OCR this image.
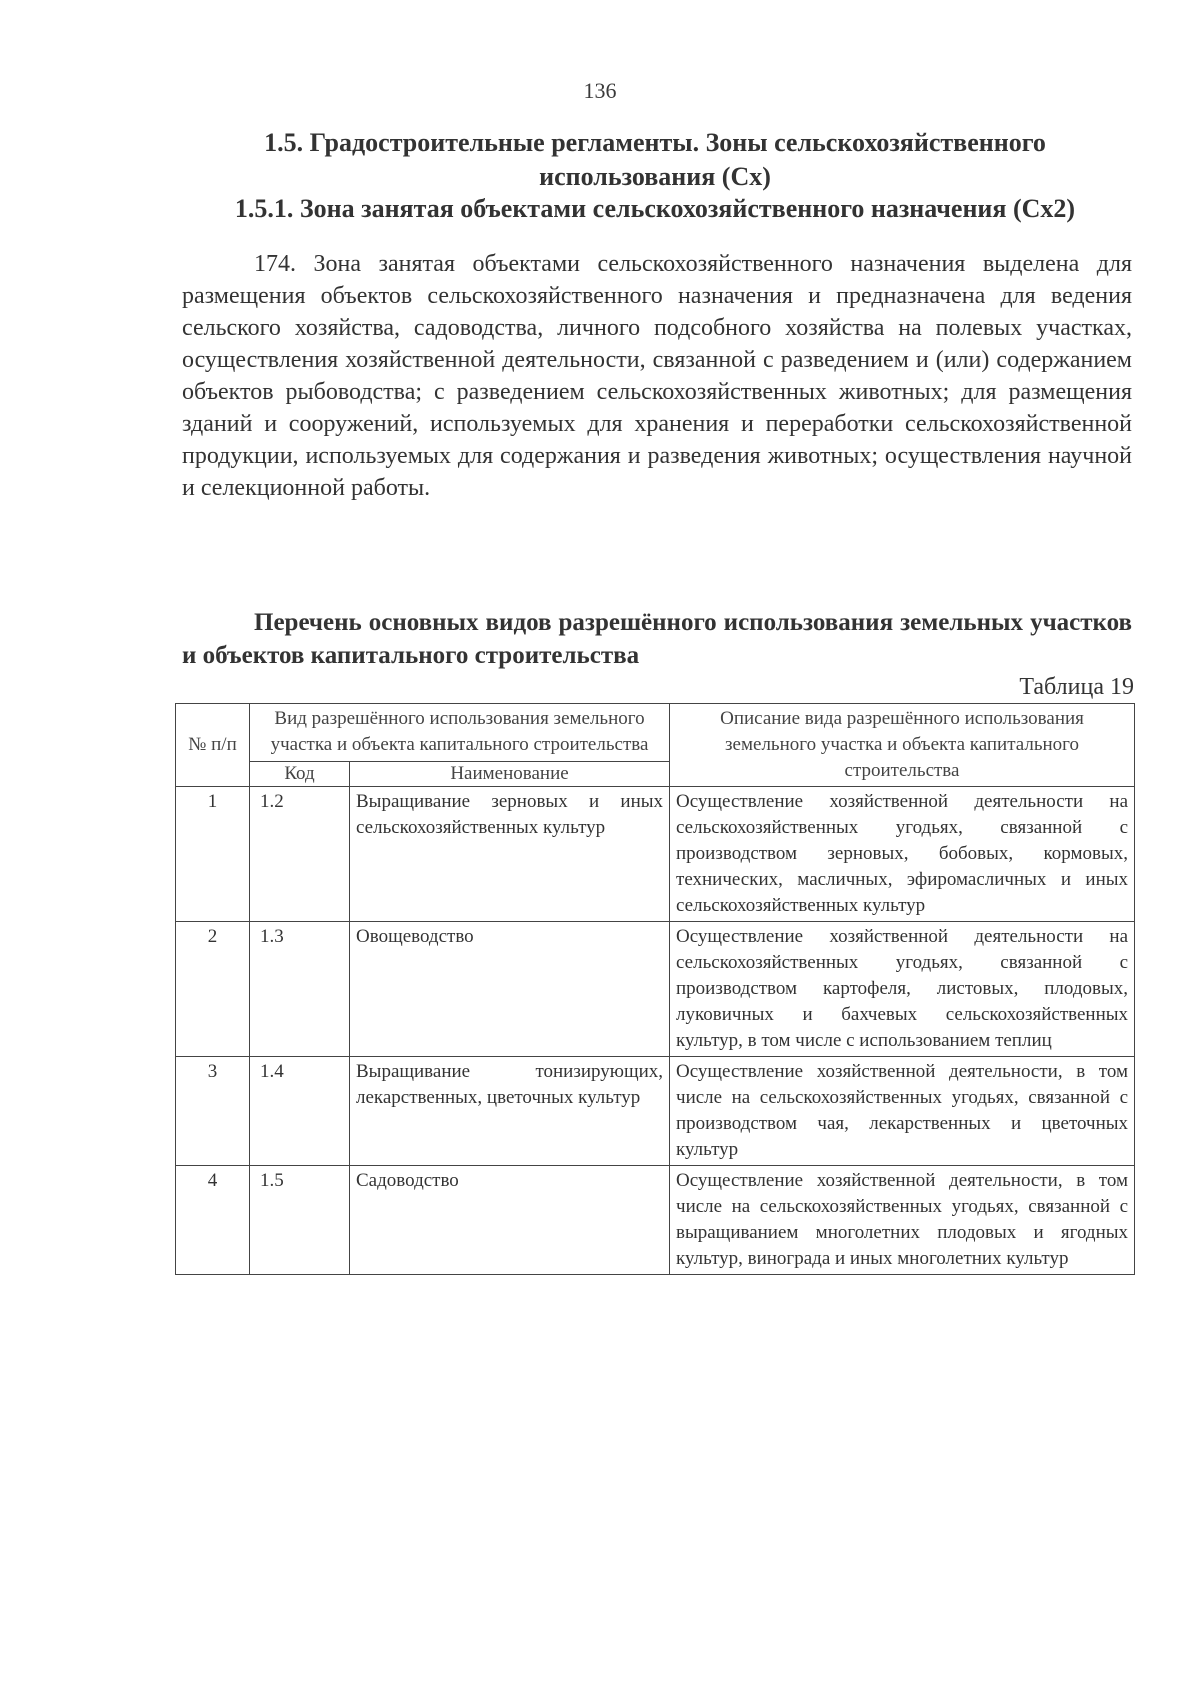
136
1.5. Градостроительные регламенты. Зоны сельскохозяйственного использования (Сх)
1.5.1. Зона занятая объектами сельскохозяйственного назначения (Сх2)
174. Зона занятая объектами сельскохозяйственного назначения выделена для размещения объектов сельскохозяйственного назначения и предназначена для ведения сельского хозяйства, садоводства, личного подсобного хозяйства на полевых участках, осуществления хозяйственной деятельности, связанной с разведением и (или) содержанием объектов рыбоводства; с разведением сельскохозяйственных животных; для размещения зданий и сооружений, используемых для хранения и переработки сельскохозяйственной продукции, используемых для содержания и разведения животных; осуществления научной и селекционной работы.
Перечень основных видов разрешённого использования земельных участков и объектов капитального строительства
Таблица 19
№ п/п	Вид разрешённого использования земельного участка и объекта капитального строительства		Описание вида разрешённого использования земельного участка и объекта капитального строительства
	Код	Наименование	
1	1.2	Выращивание зерновых и иных сельскохозяйственных культур	Осуществление хозяйственной деятельности на сельскохозяйственных угодьях, связанной с производством зерновых, бобовых, кормовых, технических, масличных, эфиромасличных и иных сельскохозяйственных культур
2	1.3	Овощеводство	Осуществление хозяйственной деятельности на сельскохозяйственных угодьях, связанной с производством картофеля, листовых, плодовых, луковичных и бахчевых сельскохозяйственных культур, в том числе с использованием теплиц
3	1.4	Выращивание тонизирующих, лекарственных, цветочных культур	Осуществление хозяйственной деятельности, в том числе на сельскохозяйственных угодьях, связанной с производством чая, лекарственных и цветочных культур
4	1.5	Садоводство	Осуществление хозяйственной деятельности, в том числе на сельскохозяйственных угодьях, связанной с выращиванием многолетних плодовых и ягодных культур, винограда и иных многолетних культур
